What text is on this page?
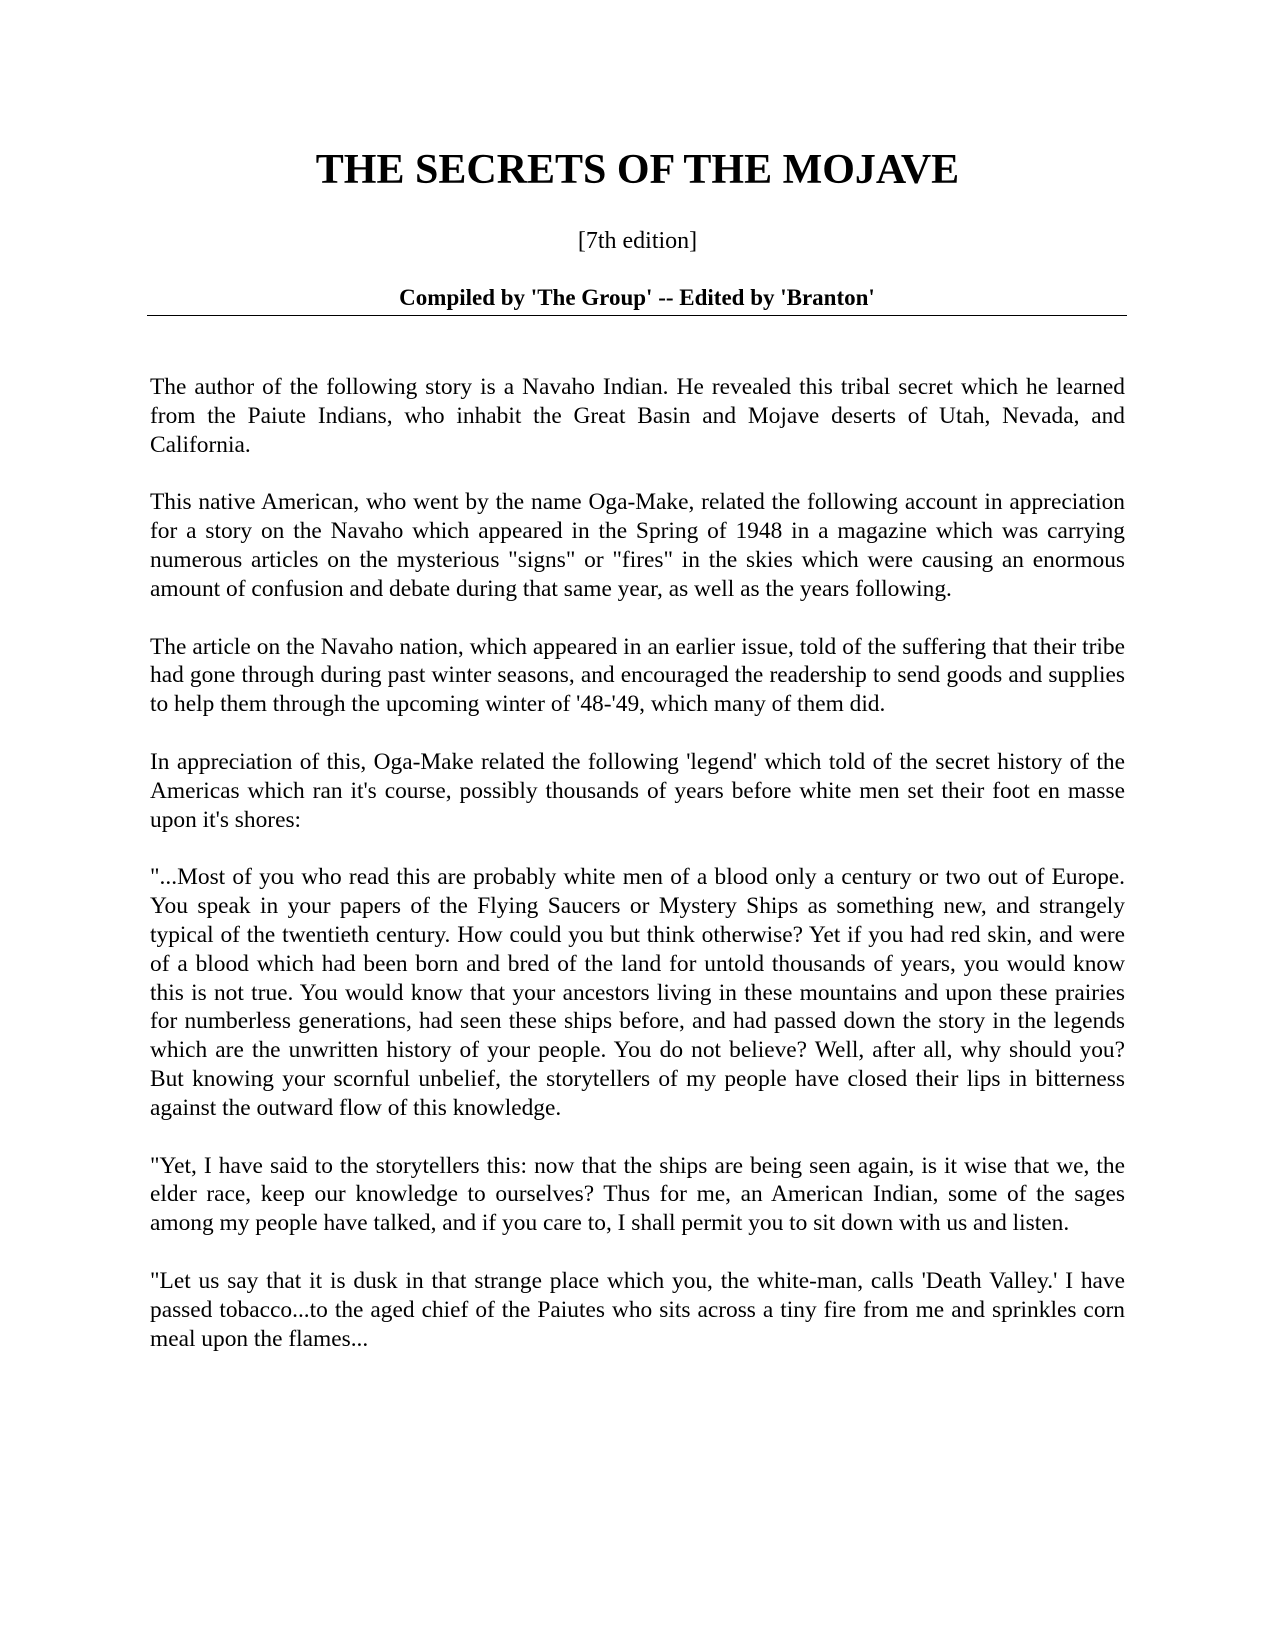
THE SECRETS OF THE MOJAVE
[7th edition]
Compiled by 'The Group' -- Edited by 'Branton'

The author of the following story is a Navaho Indian. He revealed this tribal secret which he learned from the Paiute Indians, who inhabit the Great Basin and Mojave deserts of Utah, Nevada, and California.

This native American, who went by the name Oga-Make, related the following account in appreciation for a story on the Navaho which appeared in the Spring of 1948 in a magazine which was carrying numerous articles on the mysterious "signs" or "fires" in the skies which were causing an enormous amount of confusion and debate during that same year, as well as the years following.

The article on the Navaho nation, which appeared in an earlier issue, told of the suffering that their tribe had gone through during past winter seasons, and encouraged the readership to send goods and supplies to help them through the upcoming winter of '48-'49, which many of them did.

In appreciation of this, Oga-Make related the following 'legend' which told of the secret history of the Americas which ran it's course, possibly thousands of years before white men set their foot en masse upon it's shores:

"...Most of you who read this are probably white men of a blood only a century or two out of Europe. You speak in your papers of the Flying Saucers or Mystery Ships as something new, and strangely typical of the twentieth century. How could you but think otherwise? Yet if you had red skin, and were of a blood which had been born and bred of the land for untold thousands of years, you would know this is not true. You would know that your ancestors living in these mountains and upon these prairies for numberless generations, had seen these ships before, and had passed down the story in the legends which are the unwritten history of your people. You do not believe? Well, after all, why should you? But knowing your scornful unbelief, the storytellers of my people have closed their lips in bitterness against the outward flow of this knowledge.

"Yet, I have said to the storytellers this: now that the ships are being seen again, is it wise that we, the elder race, keep our knowledge to ourselves? Thus for me, an American Indian, some of the sages among my people have talked, and if you care to, I shall permit you to sit down with us and listen.

"Let us say that it is dusk in that strange place which you, the white-man, calls 'Death Valley.' I have passed tobacco...to the aged chief of the Paiutes who sits across a tiny fire from me and sprinkles corn meal upon the flames...
